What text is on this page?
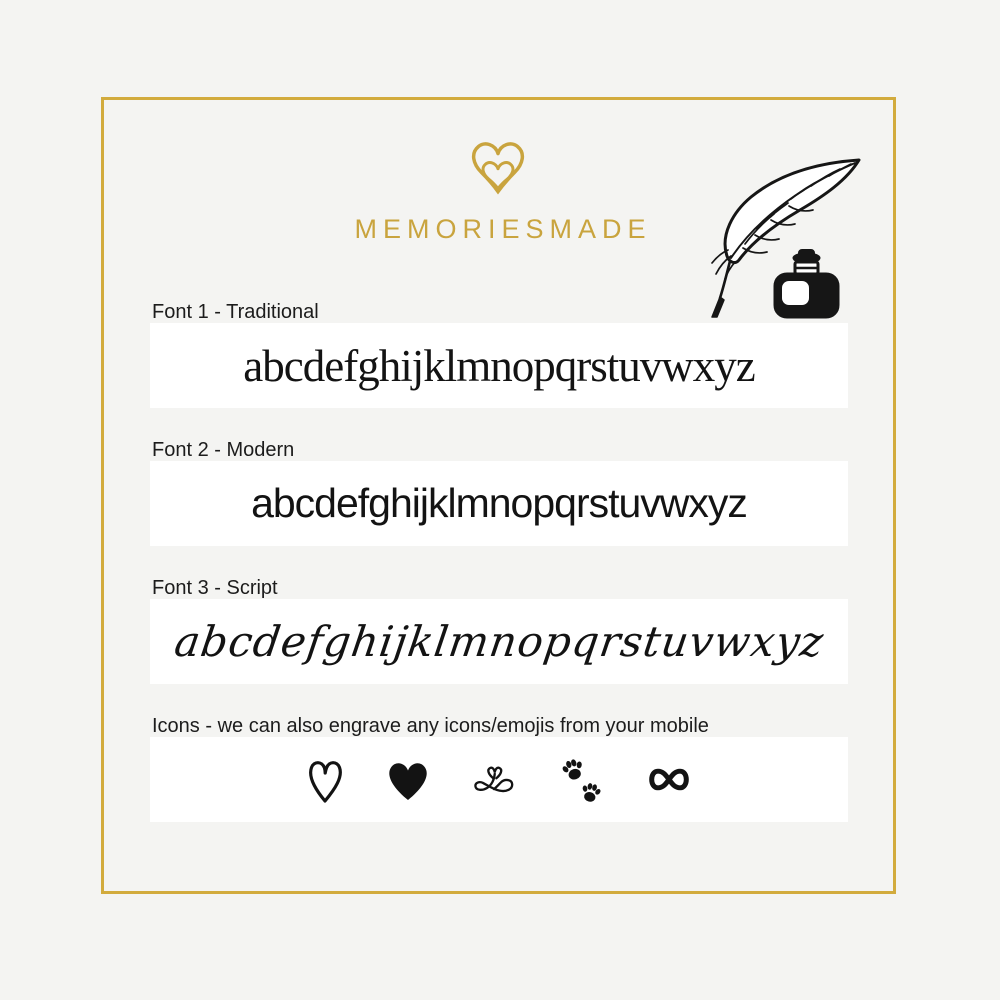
MEMORIESMADE
Font 1 - Traditional
abcdefghijklmnopqrstuvwxyz
Font 2 - Modern
abcdefghijklmnopqrstuvwxyz
Font 3 - Script
abcdefghijklmnopqrstuvwxyz
Icons - we can also engrave any icons/emojis from your mobile
